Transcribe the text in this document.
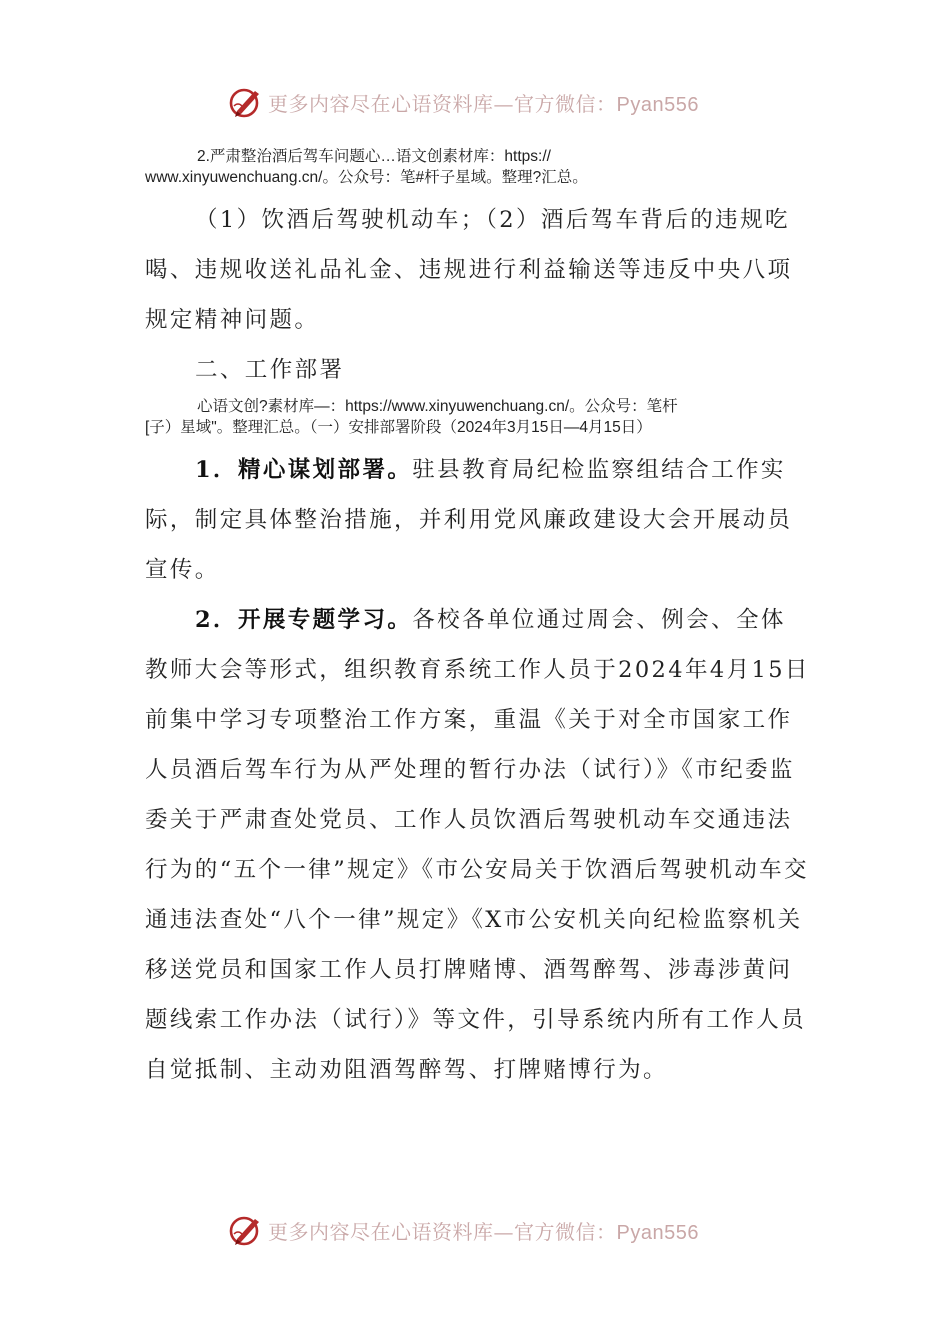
更多内容尽在心语资料库—官方微信：Pyan556
2.严肃整治酒后驾车问题心…语文创素材库：https://
www.xinyuwenchuang.cn/。公众号：笔#杆子星域。整理?汇总。

（1）饮酒后驾驶机动车；（2）酒后驾车背后的违规吃喝、违规收送礼品礼金、违规进行利益输送等违反中央八项规定精神问题。

二、工作部署

心语文创?素材库—：https://www.xinyuwenchuang.cn/。公众号：笔杆
[子）星域"。整理汇总。（一）安排部署阶段（2024年3月15日—4月15日）

1．精心谋划部署。驻县教育局纪检监察组结合工作实际，制定具体整治措施，并利用党风廉政建设大会开展动员宣传。

2．开展专题学习。各校各单位通过周会、例会、全体教师大会等形式，组织教育系统工作人员于2024年4月15日前集中学习专项整治工作方案，重温《关于对全市国家工作人员酒后驾车行为从严处理的暂行办法（试行）》《市纪委监委关于严肃查处党员、工作人员饮酒后驾驶机动车交通违法行为的“五个一律”规定》《市公安局关于饮酒后驾驶机动车交通违法查处“八个一律”规定》《X市公安机关向纪检监察机关移送党员和国家工作人员打牌赌博、酒驾醉驾、涉毒涉黄问题线索工作办法（试行）》等文件，引导系统内所有工作人员自觉抵制、主动劝阻酒驾醉驾、打牌赌博行为。

更多内容尽在心语资料库—官方微信：Pyan556
